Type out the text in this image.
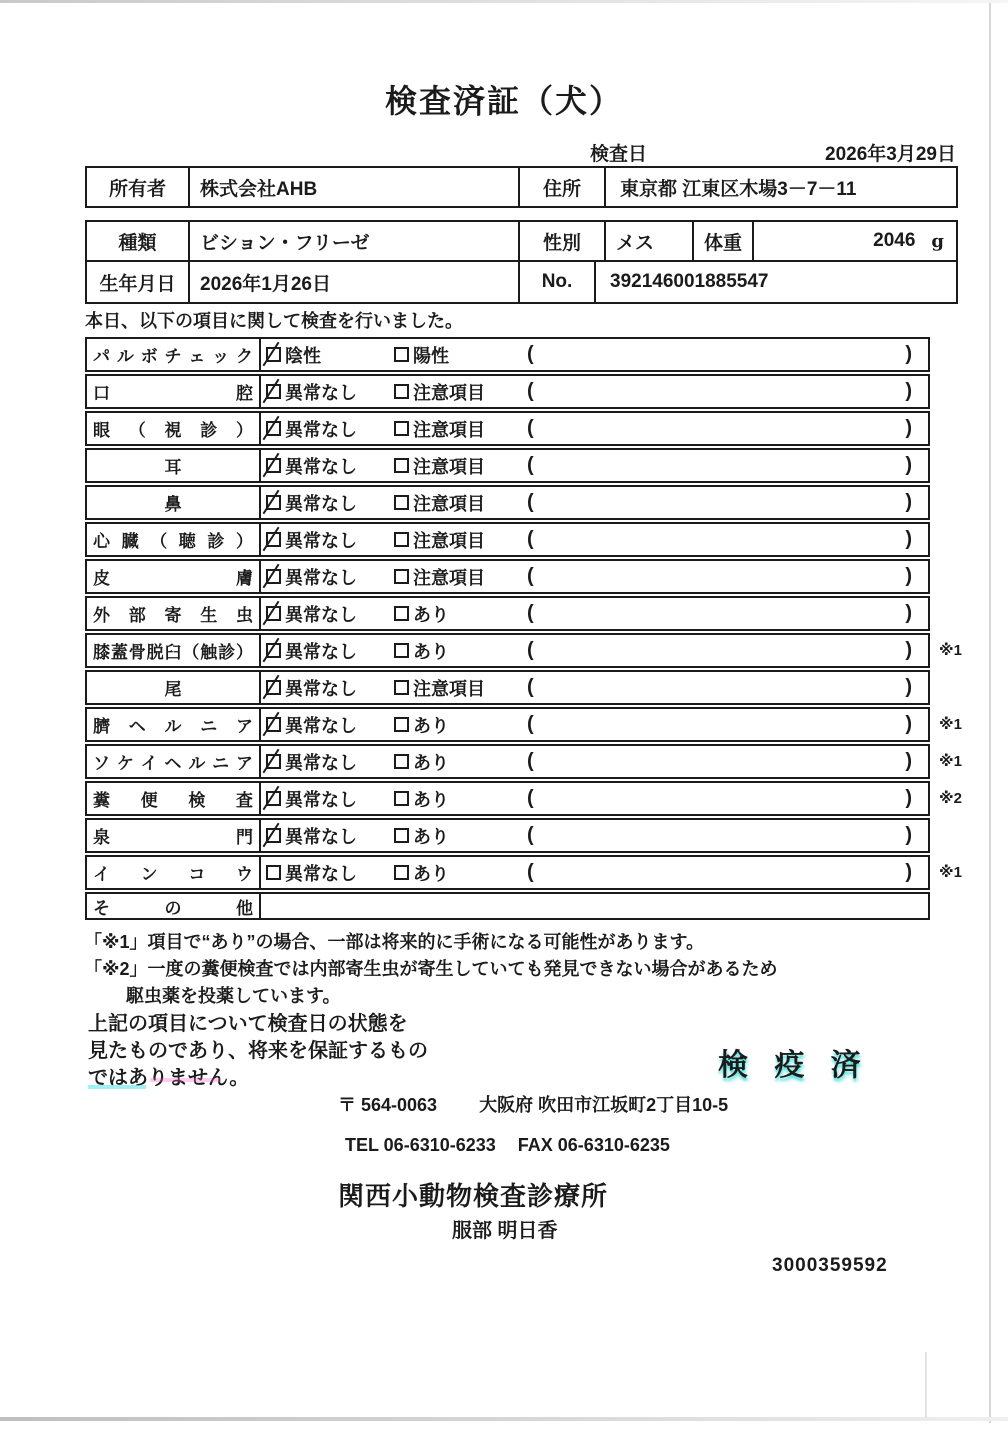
検査済証（犬）
検査日	2026年3月29日
所有者	株式会社AHB	住所	東京都 江東区木場3－7－11
種類	ビション・フリーゼ	性別	メス	体重	2046 g
生年月日	2026年1月26日	No.	392146001885547
本日、以下の項目に関して検査を行いました。
パ ル ボ チ ェ ッ ク 陰性	陽性	(	)
口 腔 異常なし	注意項目 (	)
眼 （ 視 診 ） 異常なし	注意項目 (	)
耳	異常なし	注意項目 (	)
鼻	異常なし	注意項目 (	)
心 臓 （ 聴 診 ） 異常なし	注意項目 (	)
皮 膚 異常なし	注意項目 (	)
外 部 寄 生 虫 異常なし	あり	(	)
膝蓋骨脱臼（触診） 異常なし	あり	(	) ※1
尾	異常なし	注意項目 (	)
臍 ヘ ル ニ ア 異常なし	あり	(	) ※1
ソ ケ イ ヘ ル ニ ア 異常なし	あり	(	) ※1
糞 便 検 査 異常なし	あり	(	) ※2
泉 門 異常なし	あり	(	)
イ ン コ ウ 異常なし	あり	(	) ※1
そ の 他
「※1」項目で“あり”の場合、一部は将来的に手術になる可能性があります。
「※2」一度の糞便検査では内部寄生虫が寄生していても発見できない場合があるため
駆虫薬を投薬しています。
上記の項目について検査日の状態を
見たものであり、将来を保証するもの
ではありません。	検 疫 済
〒 564-0063 大阪府 吹田市江坂町2丁目10-5
TEL 06-6310-6233 FAX 06-6310-6235
関西小動物検査診療所
服部 明日香
3000359592
